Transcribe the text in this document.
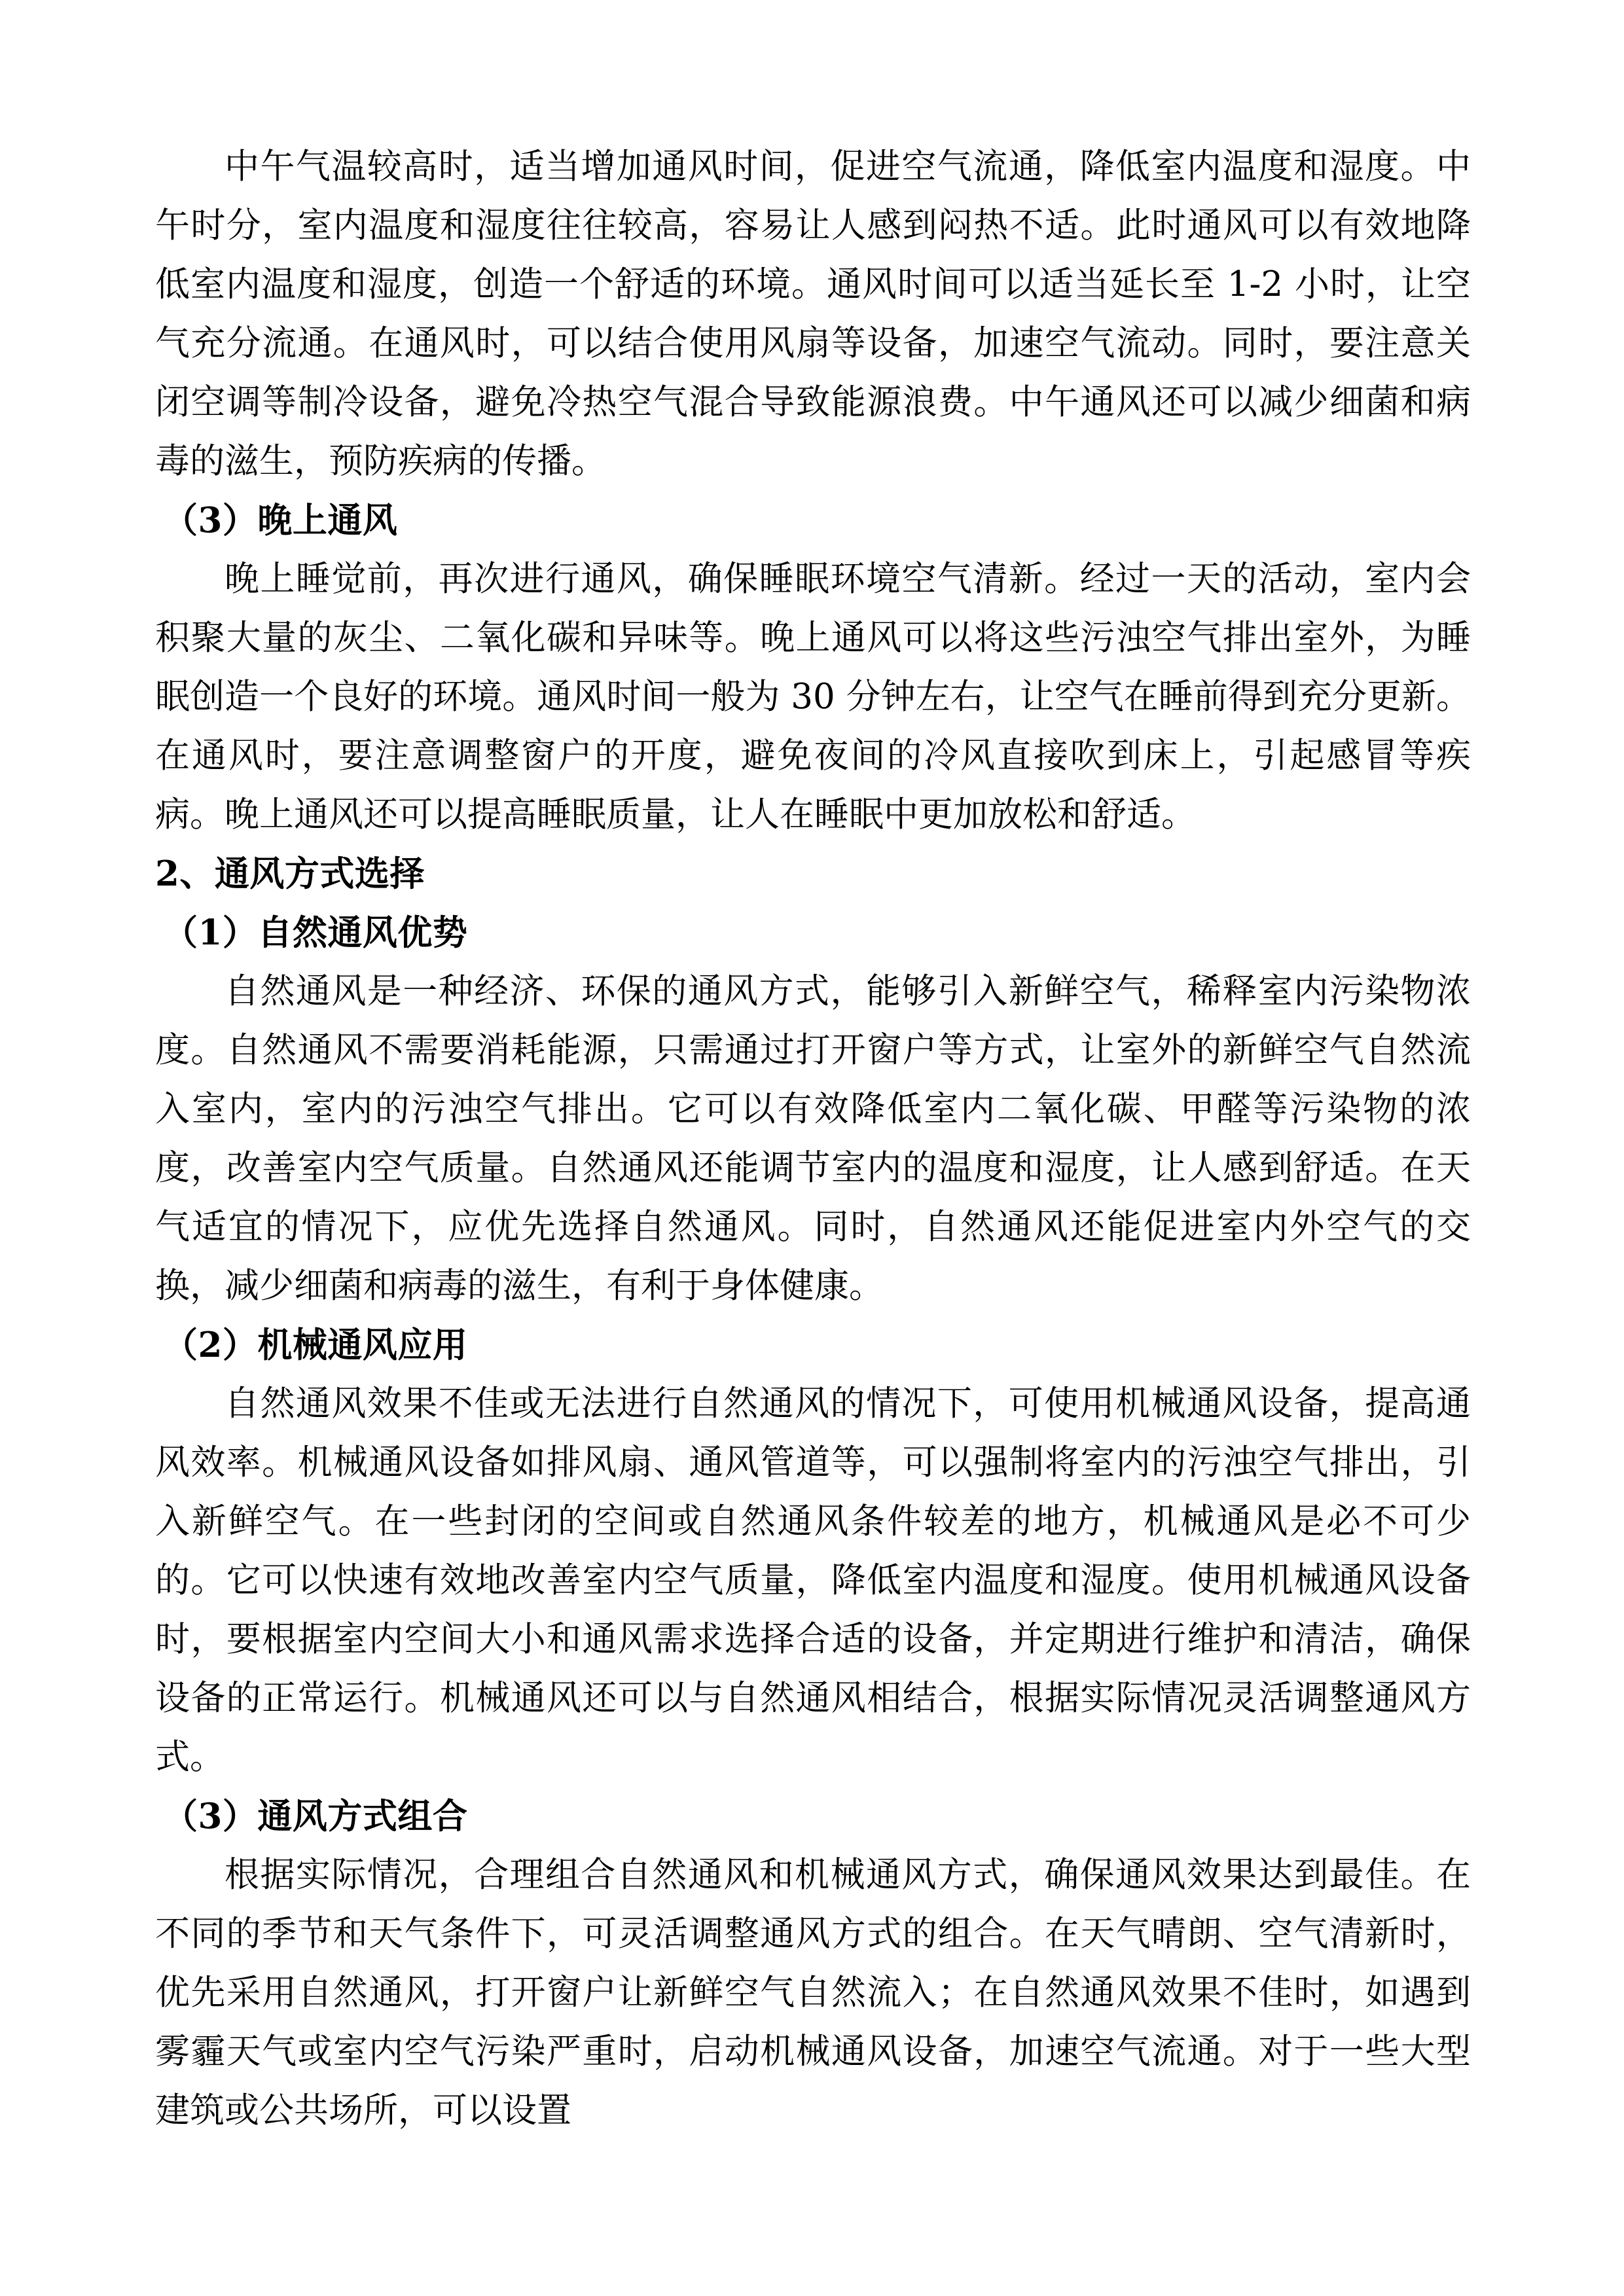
中午气温较高时，适当增加通风时间，促进空气流通，降低室内温度和湿度。中午时分，室内温度和湿度往往较高，容易让人感到闷热不适。此时通风可以有效地降低室内温度和湿度，创造一个舒适的环境。通风时间可以适当延长至 1-2 小时，让空气充分流通。在通风时，可以结合使用风扇等设备，加速空气流动。同时，要注意关闭空调等制冷设备，避免冷热空气混合导致能源浪费。中午通风还可以减少细菌和病毒的滋生，预防疾病的传播。

（3）晚上通风

晚上睡觉前，再次进行通风，确保睡眠环境空气清新。经过一天的活动，室内会积聚大量的灰尘、二氧化碳和异味等。晚上通风可以将这些污浊空气排出室外，为睡眠创造一个良好的环境。通风时间一般为 30 分钟左右，让空气在睡前得到充分更新。在通风时，要注意调整窗户的开度，避免夜间的冷风直接吹到床上，引起感冒等疾病。晚上通风还可以提高睡眠质量，让人在睡眠中更加放松和舒适。

2、通风方式选择

（1）自然通风优势

自然通风是一种经济、环保的通风方式，能够引入新鲜空气，稀释室内污染物浓度。自然通风不需要消耗能源，只需通过打开窗户等方式，让室外的新鲜空气自然流入室内，室内的污浊空气排出。它可以有效降低室内二氧化碳、甲醛等污染物的浓度，改善室内空气质量。自然通风还能调节室内的温度和湿度，让人感到舒适。在天气适宜的情况下，应优先选择自然通风。同时，自然通风还能促进室内外空气的交换，减少细菌和病毒的滋生，有利于身体健康。

（2）机械通风应用

自然通风效果不佳或无法进行自然通风的情况下，可使用机械通风设备，提高通风效率。机械通风设备如排风扇、通风管道等，可以强制将室内的污浊空气排出，引入新鲜空气。在一些封闭的空间或自然通风条件较差的地方，机械通风是必不可少的。它可以快速有效地改善室内空气质量，降低室内温度和湿度。使用机械通风设备时，要根据室内空间大小和通风需求选择合适的设备，并定期进行维护和清洁，确保设备的正常运行。机械通风还可以与自然通风相结合，根据实际情况灵活调整通风方式。

（3）通风方式组合

根据实际情况，合理组合自然通风和机械通风方式，确保通风效果达到最佳。在不同的季节和天气条件下，可灵活调整通风方式的组合。在天气晴朗、空气清新时，优先采用自然通风，打开窗户让新鲜空气自然流入；在自然通风效果不佳时，如遇到雾霾天气或室内空气污染严重时，启动机械通风设备，加速空气流通。对于一些大型建筑或公共场所，可以设置
